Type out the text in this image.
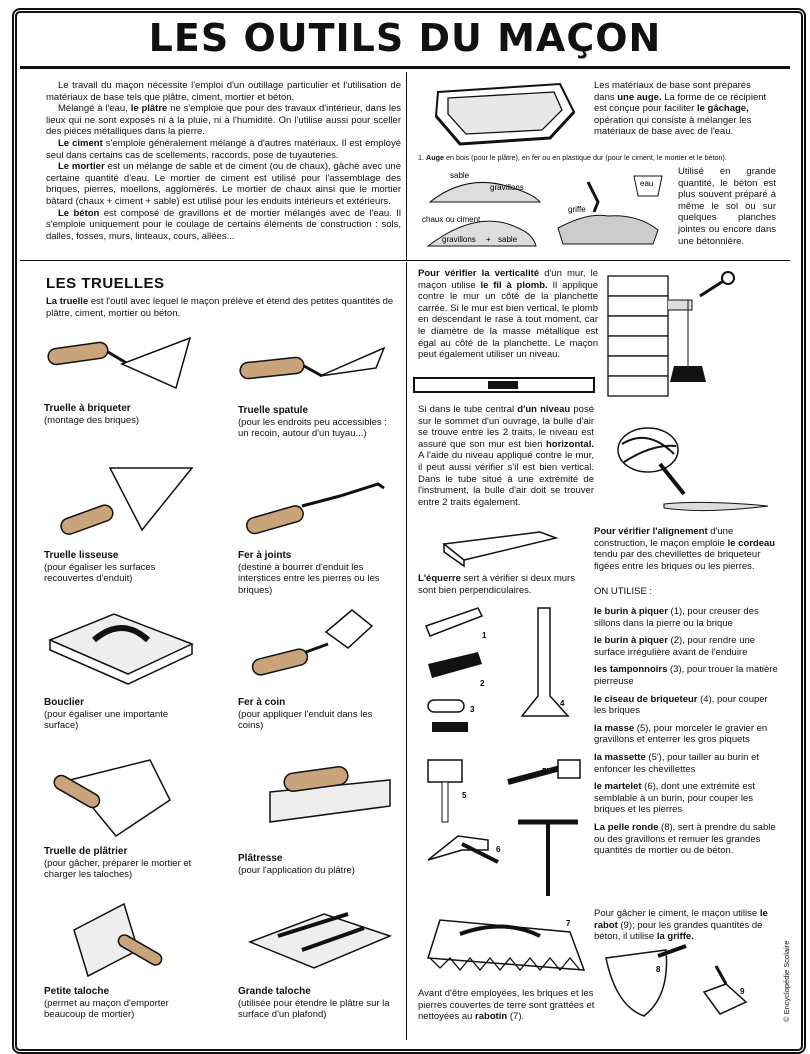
LES OUTILS DU MAÇON

Le travail du maçon nécessite l'emploi d'un outillage particulier et l'utilisation de matériaux de base tels que plâtre, ciment, mortier et béton.

Mélangé à l'eau, le plâtre ne s'emploie que pour des travaux d'intérieur, dans les lieux qui ne sont exposés ni à la pluie, ni à l'humidité. On l'utilise aussi pour sceller des pièces métalliques dans la pierre.

Le ciment s'emploie généralement mélangé à d'autres matériaux. Il est employé seul dans certains cas de scellements, raccords, pose de tuyauteries.

Le mortier est un mélange de sable et de ciment (ou de chaux), gâché avec une certaine quantité d'eau. Le mortier de ciment est utilisé pour l'assemblage des briques, pierres, moellons, agglomérés. Le mortier de chaux ainsi que le mortier bâtard (chaux + ciment + sable) est utilisé pour les enduits intérieurs et extérieurs.

Le béton est composé de gravillons et de mortier mélangés avec de l'eau. Il s'emploie uniquement pour le coulage de certains éléments de construction : sols, dalles, fosses, murs, linteaux, cours, allées...

Les matériaux de base sont préparés dans une auge. La forme de ce récipient est conçue pour faciliter le gâchage, opération qui consiste à mélanger les matériaux de base avec de l'eau.
1. Auge en bois (pour le plâtre), en fer ou en plastique dur (pour le ciment, le mortier et le béton).
sable
gravillons
chaux ou ciment
gravillons + sable
griffe
eau
Utilisé en grande quantité, le béton est plus souvent préparé à même le sol ou sur quelques planches jointes ou encore dans une bétonnière.
LES TRUELLES
La truelle est l'outil avec lequel le maçon prélève et étend des petites quantités de plâtre, ciment, mortier ou béton.
Truelle à briqueter
(montage des briques)
Truelle spatule
(pour les endroits peu accessibles : un recoin, autour d'un tuyau...)
Truelle lisseuse
(pour égaliser les surfaces recouvertes d'enduit)
Fer à joints
(destiné à bourrer d'enduit les interstices entre les pierres ou les briques)
Bouclier
(pour égaliser une importante surface)
Fer à coin
(pour appliquer l'enduit dans les coins)
Truelle de plâtrier
(pour gâcher, préparer le mortier et charger les taloches)
Plâtresse
(pour l'application du plâtre)
Petite taloche
(permet au maçon d'emporter beaucoup de mortier)
Grande taloche
(utilisée pour étendre le plâtre sur la surface d'un plafond)
Pour vérifier la verticalité d'un mur, le maçon utilise le fil à plomb. Il applique contre le mur un côté de la planchette carrée. Si le mur est bien vertical, le plomb en descendant le rase à tout moment, car le diamètre de la masse métallique est égal au côté de la planchette. Le maçon peut également utiliser un niveau.
Si dans le tube central d'un niveau posé sur le sommet d'un ouvrage, la bulle d'air se trouve entre les 2 traits, le niveau est assuré que son mur est bien horizontal. A l'aide du niveau appliqué contre le mur, il peut aussi vérifier s'il est bien vertical. Dans le tube situé à une extrémité de l'instrument, la bulle d'air doit se trouver entre 2 traits également.
Pour vérifier l'alignement d'une construction, le maçon emploie le cordeau tendu par des chevillettes de briqueteur figées entre les briques ou les pierres.
L'équerre sert à vérifier si deux murs sont bien perpendiculaires.	ON UTILISE :

le burin à piquer (1), pour creuser des sillons dans la pierre ou la brique

le burin à piquer (2), pour rendre une surface irrégulière avant de l'enduire

les tamponnoirs (3), pour trouer la matière pierreuse

le ciseau de briqueteur (4), pour couper les briques

la masse (5), pour morceler le gravier en gravillons et enterrer les gros piquets

la massette (5'), pour tailler au burin et enfoncer les chevillettes

le martelet (6), dont une extrémité est semblable à un burin, pour couper les briques et les pierres

La pelle ronde (8), sert à prendre du sable ou des gravillons et remuer les grandes quantités de mortier ou de béton.

1
2
3
4
5
5'
6
7
Avant d'être employées, les briques et les pierres couvertes de terre sont grattées et nettoyées au rabotin (7).
Pour gâcher le ciment, le maçon utilise le rabot (9); pour les grandes quantités de béton, il utilise la griffe.
8
9	© Encyclopédie Scolaire
